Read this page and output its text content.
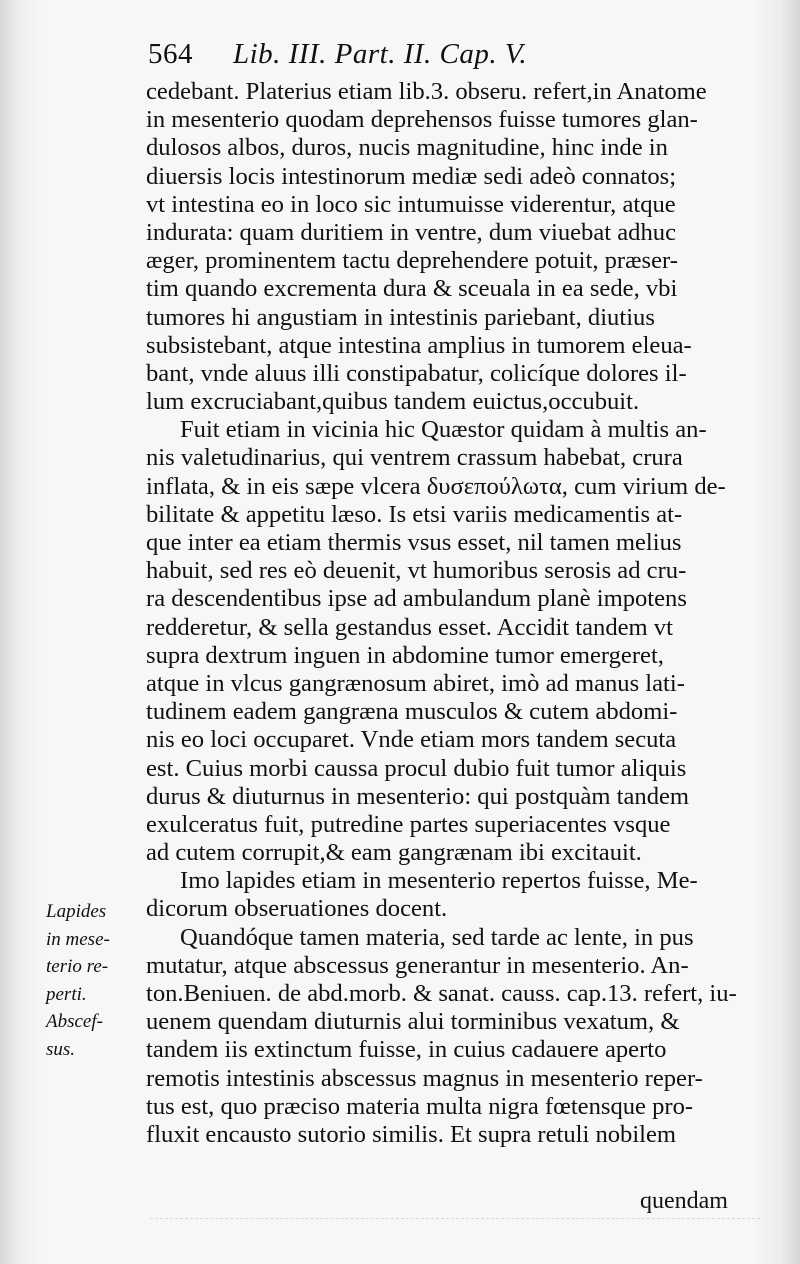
564 Lib. III. Part. II. Cap. V.
cedebant. Platerius etiam lib.3. obseru. refert,in Anatome
in mesenterio quodam deprehensos fuisse tumores glan-
dulosos albos, duros, nucis magnitudine, hinc inde in
diuersis locis intestinorum mediæ sedi adeò connatos;
vt intestina eo in loco sic intumuisse viderentur, atque
indurata: quam duritiem in ventre, dum viuebat adhuc
æger, prominentem tactu deprehendere potuit, præser-
tim quando excrementa dura & sceuala in ea sede, vbi
tumores hi angustiam in intestinis pariebant, diutius
subsistebant, atque intestina amplius in tumorem eleua-
bant, vnde aluus illi constipabatur, colicíque dolores il-
lum excruciabant,quibus tandem euictus,occubuit.
Fuit etiam in vicinia hic Quæstor quidam à multis an-
nis valetudinarius, qui ventrem crassum habebat, crura
inflata, & in eis sæpe vlcera δυσεπούλωτα, cum virium de-
bilitate & appetitu læso. Is etsi variis medicamentis at-
que inter ea etiam thermis vsus esset, nil tamen melius
habuit, sed res eò deuenit, vt humoribus serosis ad cru-
ra descendentibus ipse ad ambulandum planè impotens
redderetur, & sella gestandus esset. Accidit tandem vt
supra dextrum inguen in abdomine tumor emergeret,
atque in vlcus gangrænosum abiret, imò ad manus lati-
tudinem eadem gangræna musculos & cutem abdomi-
nis eo loci occuparet. Vnde etiam mors tandem secuta
est. Cuius morbi caussa procul dubio fuit tumor aliquis
durus & diuturnus in mesenterio: qui postquàm tandem
exulceratus fuit, putredine partes superiacentes vsque
ad cutem corrupit,& eam gangrænam ibi excitauit.
Imo lapides etiam in mesenterio repertos fuisse, Me-
dicorum obseruationes docent.
Quandóque tamen materia, sed tarde ac lente, in pus
mutatur, atque abscessus generantur in mesenterio. An-
ton.Beniuen. de abd.morb. & sanat. causs. cap.13. refert, iu-
uenem quendam diuturnis alui torminibus vexatum, &
tandem iis extinctum fuisse, in cuius cadauere aperto
remotis intestinis abscessus magnus in mesenterio reper-
tus est, quo præciso materia multa nigra fœtensque pro-
fluxit encausto sutorio similis. Et supra retuli nobilem
Lapides
in mese-
terio re-
perti.
Abscef-
sus.
quendam
